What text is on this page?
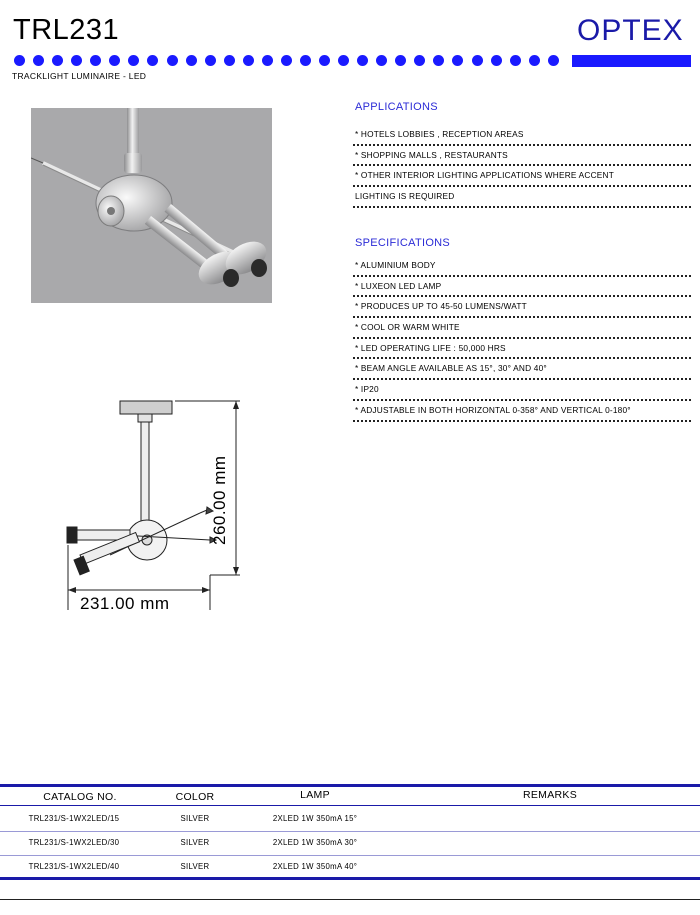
TRL231	OPTEX
TRACKLIGHT LUMINAIRE - LED
APPLICATIONS
* HOTELS LOBBIES , RECEPTION AREAS
* SHOPPING MALLS , RESTAURANTS
* OTHER INTERIOR LIGHTING APPLICATIONS WHERE ACCENT
LIGHTING IS REQUIRED
SPECIFICATIONS
* ALUMINIUM BODY
* LUXEON LED LAMP
* PRODUCES UP TO 45-50 LUMENS/WATT
* COOL OR WARM WHITE
* LED OPERATING LIFE : 50,000 HRS
* BEAM ANGLE AVAILABLE AS 15°, 30° AND 40°
* IP20
* ADJUSTABLE IN BOTH HORIZONTAL 0-358° AND VERTICAL 0-180°
260.00 mm
231.00 mm
CATALOG NO.	COLOR	LAMP	REMARKS
TRL231/S-1WX2LED/15	SILVER	2XLED 1W 350mA 15°
TRL231/S-1WX2LED/30	SILVER	2XLED 1W 350mA 30°
TRL231/S-1WX2LED/40	SILVER	2XLED 1W 350mA 40°
